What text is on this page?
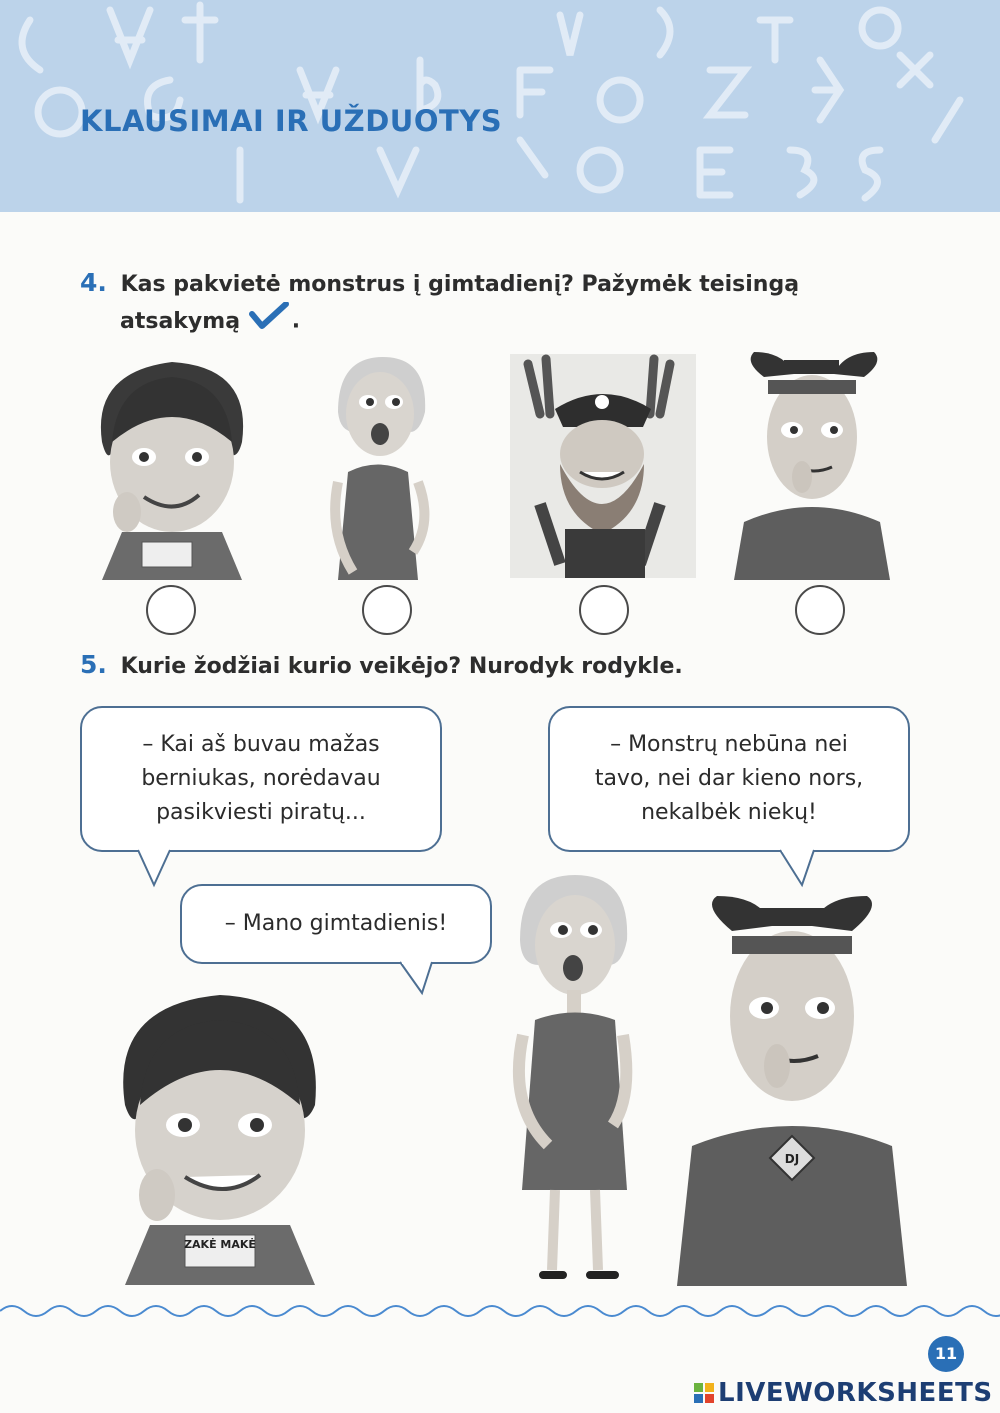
KLAUSIMAI IR UŽDUOTYS
4. Kas pakvietė monstrus į gimtadienį? Pažymėk teisingą
atsakymą .
5. Kurie žodžiai kurio veikėjo? Nurodyk rodykle.
– Kai aš buvau mažas
berniukas, norėdavau
pasikviesti piratų...
– Monstrų nebūna nei
tavo, nei dar kieno nors,
nekalbėk niekų!
– Mano gimtadienis!
ZAKĖ MAKĖ
DJ
11
LIVEWORKSHEETS
